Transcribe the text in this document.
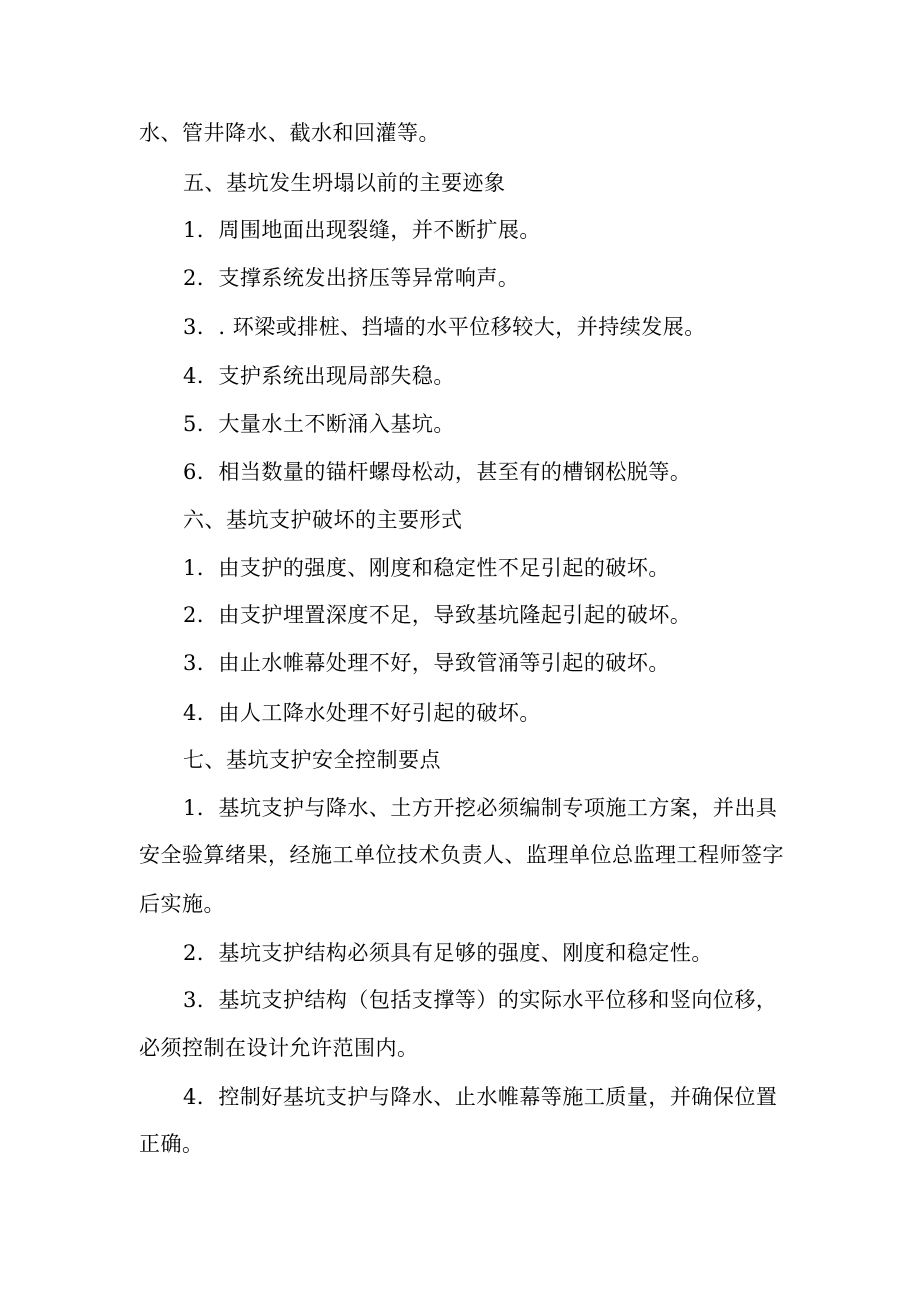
水、管井降水、截水和回灌等。
五、基坑发生坍塌以前的主要迹象
1．周围地面出现裂缝，并不断扩展。
2．支撑系统发出挤压等异常响声。
3．. 环梁或排桩、挡墙的水平位移较大，并持续发展。
4．支护系统出现局部失稳。
5．大量水土不断涌入基坑。
6．相当数量的锚杆螺母松动，甚至有的槽钢松脱等。
六、基坑支护破坏的主要形式
1．由支护的强度、刚度和稳定性不足引起的破坏。
2．由支护埋置深度不足，导致基坑隆起引起的破坏。
3．由止水帷幕处理不好，导致管涌等引起的破坏。
4．由人工降水处理不好引起的破坏。
七、基坑支护安全控制要点
1．基坑支护与降水、土方开挖必须编制专项施工方案，并出具
安全验算绪果，经施工单位技术负责人、监理单位总监理工程师签字
后实施。
2．基坑支护结构必须具有足够的强度、刚度和稳定性。
3．基坑支护结构（包括支撑等）的实际水平位移和竖向位移，
必须控制在设计允许范围内。
4．控制好基坑支护与降水、止水帷幕等施工质量，并确保位置
正确。
